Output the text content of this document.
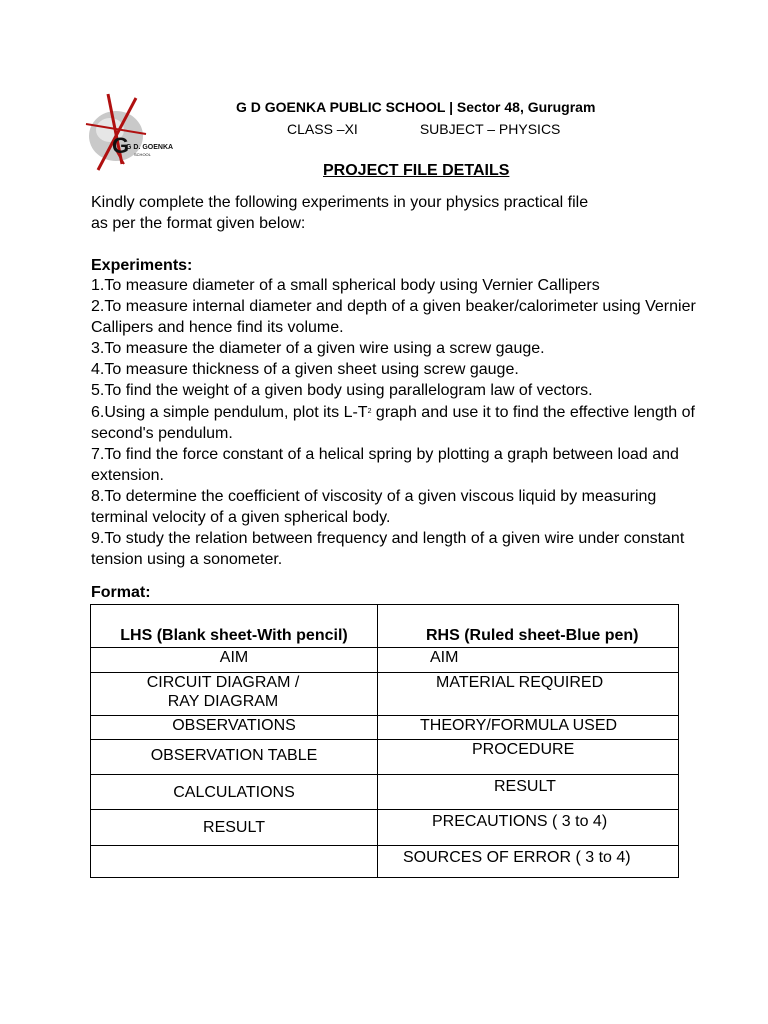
G
G D. GOENKA
SCHOOL
G D GOENKA PUBLIC SCHOOL | Sector 48, Gurugram
CLASS –XI	SUBJECT – PHYSICS
PROJECT FILE DETAILS
Kindly complete the following experiments in your physics practical file
as per the format given below:
Experiments:

1.To measure diameter of a small spherical body using Vernier Callipers

2.To measure internal diameter and depth of a given beaker/calorimeter using Vernier Callipers and hence find its volume.

3.To measure the diameter of a given wire using a screw gauge.

4.To measure thickness of a given sheet using screw gauge.

5.To find the weight of a given body using parallelogram law of vectors.

6.Using a simple pendulum, plot its $L-T^2$ graph and use it to find the effective length of second's pendulum.

7.To find the force constant of a helical spring by plotting a graph between load and extension.

8.To determine the coefficient of viscosity of a given viscous liquid by measuring terminal velocity of a given spherical body.

9.To study the relation between frequency and length of a given wire under constant tension using a sonometer.

Format:
LHS (Blank sheet-With pencil)	RHS (Ruled sheet-Blue pen)
AIM	AIM
CIRCUIT DIAGRAM / RAY DIAGRAM	MATERIAL REQUIRED
OBSERVATIONS	THEORY/FORMULA USED
OBSERVATION TABLE	PROCEDURE
CALCULATIONS	RESULT
RESULT	PRECAUTIONS ( 3 to 4)
	SOURCES OF ERROR ( 3 to 4)
